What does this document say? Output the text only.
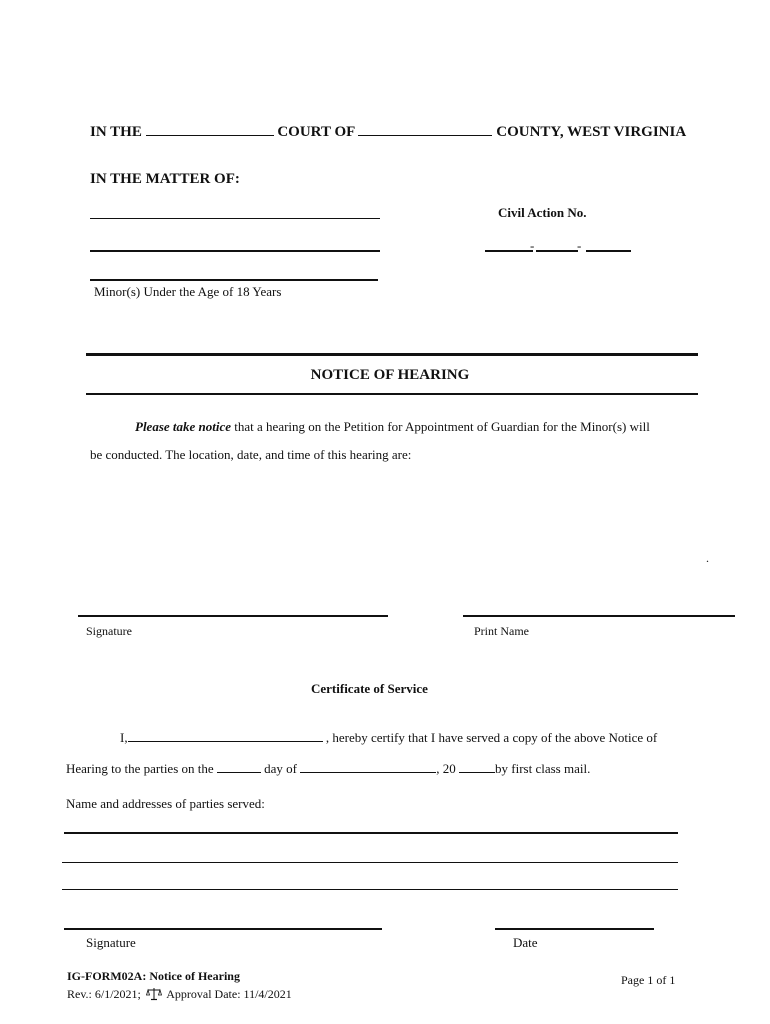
IN THE	COURT OF	COUNTY, WEST VIRGINIA
IN THE MATTER OF:
Minor(s) Under the Age of 18 Years
Civil Action No.
-	-
NOTICE OF HEARING
Please take notice that a hearing on the Petition for Appointment of Guardian for the Minor(s) will
be conducted. The location, date, and time of this hearing are:
.
Signature	Print Name
Certificate of Service
I,	, hereby certify that I have served a copy of the above Notice of
Hearing to the parties on the	day of	, 20	by first class mail.
Name and addresses of parties served:
Signature	Date
IG-FORM02A: Notice of Hearing
Rev.: 6/1/2021; Approval Date: 11/4/2021
Page 1 of 1
